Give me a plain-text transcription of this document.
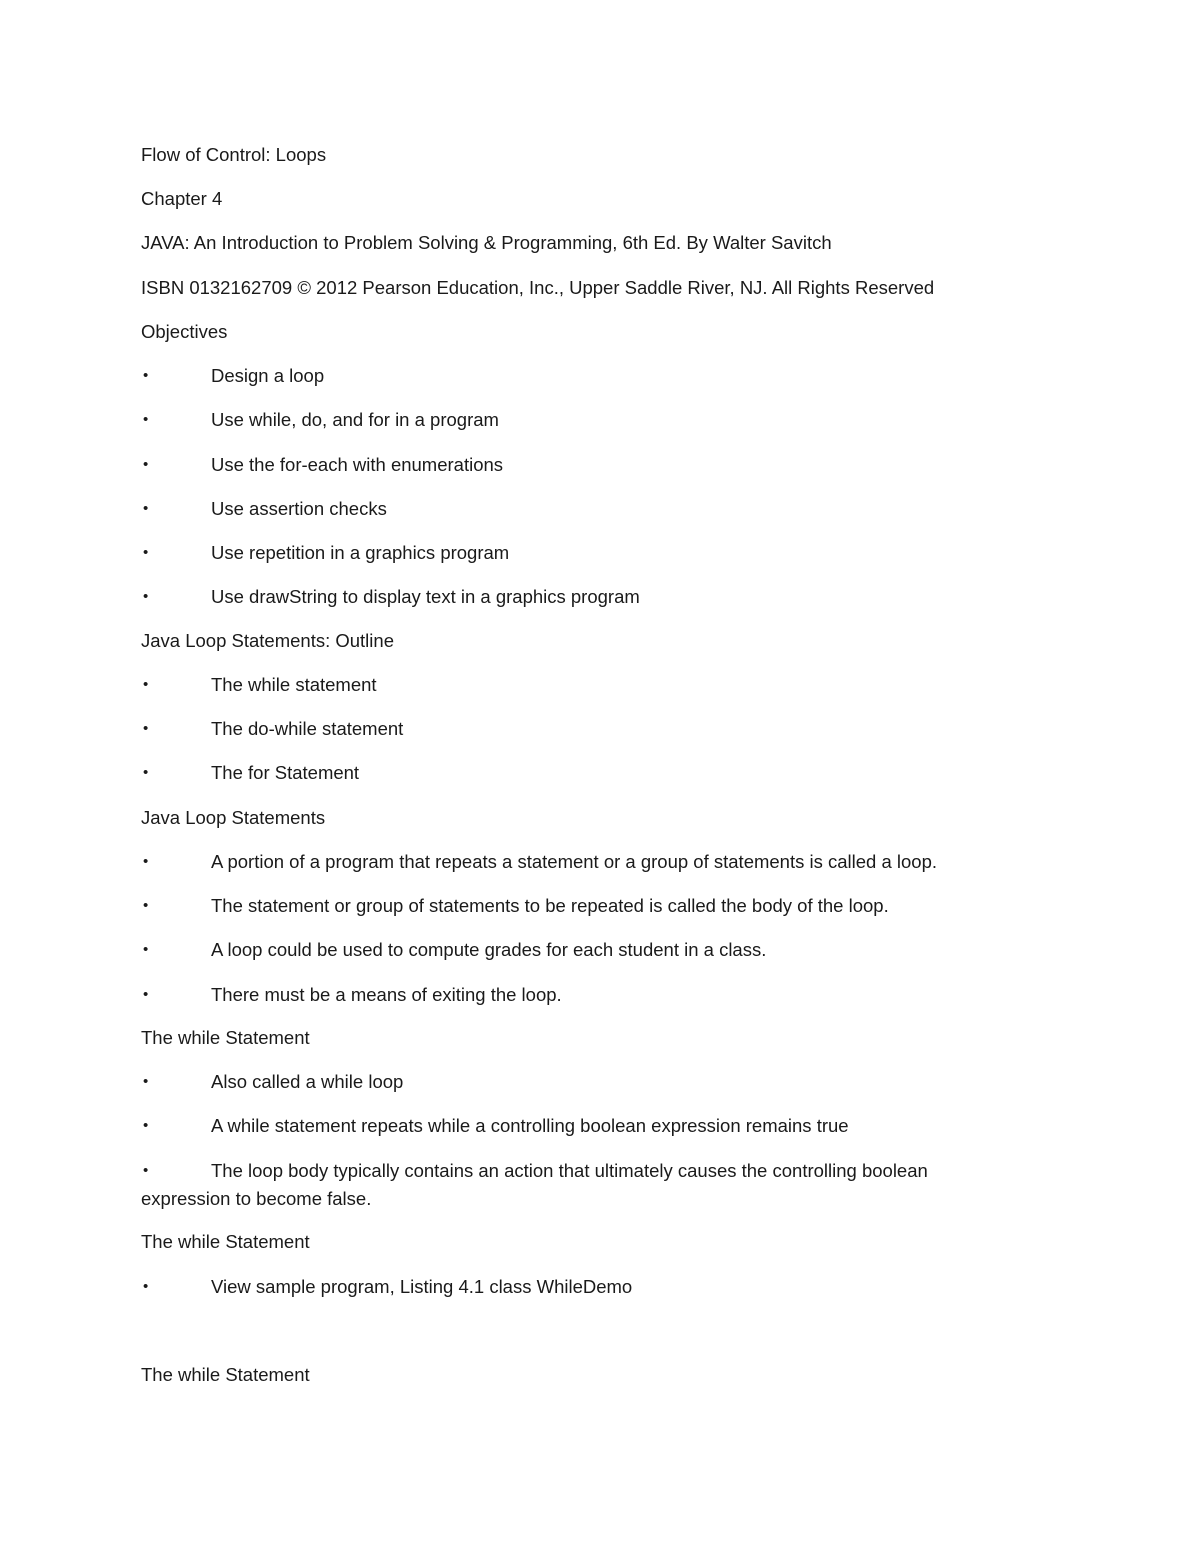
Flow of Control: Loops
Chapter 4
JAVA: An Introduction to Problem Solving & Programming, 6th Ed. By Walter Savitch
ISBN 0132162709 © 2012 Pearson Education, Inc., Upper Saddle River, NJ. All Rights Reserved
Objectives
•	Design a loop
•	Use while, do, and for in a program
•	Use the for-each with enumerations
•	Use assertion checks
•	Use repetition in a graphics program
•	Use drawString to display text in a graphics program
Java Loop Statements: Outline
•	The while statement
•	The do-while statement
•	The for Statement
Java Loop Statements
•	A portion of a program that repeats a statement or a group of statements is called a loop.
•	The statement or group of statements to be repeated is called the body of the loop.
•	A loop could be used to compute grades for each student in a class.
•	There must be a means of exiting the loop.
The while Statement
•	Also called a while loop
•	A while statement repeats while a controlling boolean expression remains true
•	The loop body typically contains an action that ultimately causes the controlling boolean expression to become false.
The while Statement
•	View sample program, Listing 4.1 class WhileDemo
The while Statement
